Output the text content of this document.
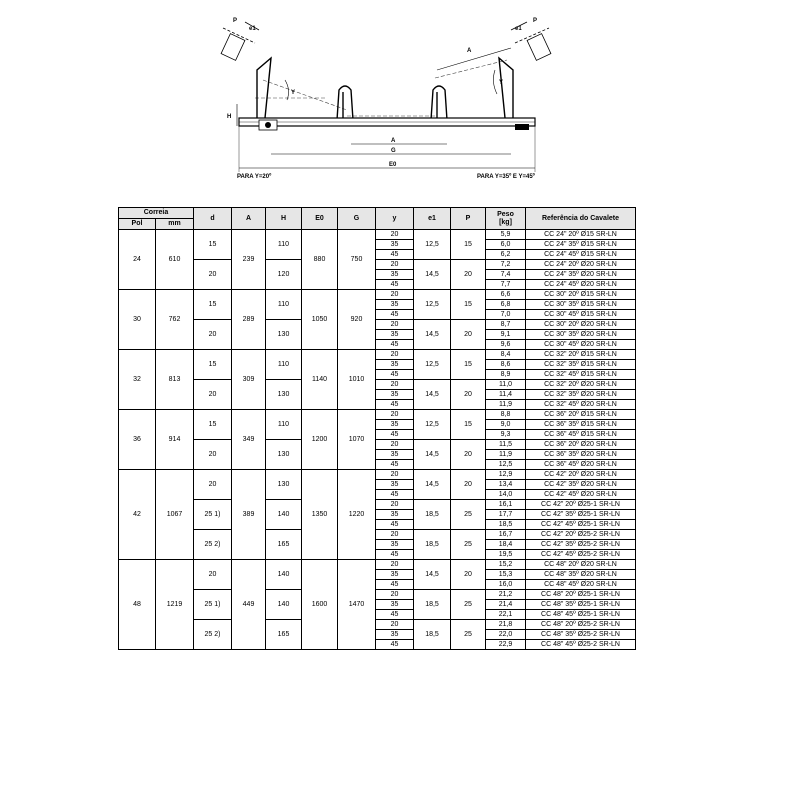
P
e1
P
e1
A
Y
Y
H
A
G
E0
PARA Y=20º	PARA Y=35º E Y=45º
Correia		d	A	H	E0	G	y	e1	P	Peso
[kg]	Referência do Cavalete
Pol	mm										
24	610	15	239	110	880	750	20	12,5	15	5,9	CC 24" 20º Ø15 SR-LN
							35			6,0	CC 24" 35º Ø15 SR-LN
							45			6,2	CC 24" 45º Ø15 SR-LN
		20		120			20	14,5	20	7,2	CC 24" 20º Ø20 SR-LN
							35			7,4	CC 24" 35º Ø20 SR-LN
							45			7,7	CC 24" 45º Ø20 SR-LN
30	762	15	289	110	1050	920	20	12,5	15	6,6	CC 30" 20º Ø15 SR-LN
							35			6,8	CC 30" 35º Ø15 SR-LN
							45			7,0	CC 30" 45º Ø15 SR-LN
		20		130			20	14,5	20	8,7	CC 30" 20º Ø20 SR-LN
							35			9,1	CC 30" 35º Ø20 SR-LN
							45			9,6	CC 30" 45º Ø20 SR-LN
32	813	15	309	110	1140	1010	20	12,5	15	8,4	CC 32" 20º Ø15 SR-LN
							35			8,6	CC 32" 35º Ø15 SR-LN
							45			8,9	CC 32" 45º Ø15 SR-LN
		20		130			20	14,5	20	11,0	CC 32" 20º Ø20 SR-LN
							35			11,4	CC 32" 35º Ø20 SR-LN
							45			11,9	CC 32" 45º Ø20 SR-LN
36	914	15	349	110	1200	1070	20	12,5	15	8,8	CC 36" 20º Ø15 SR-LN
							35			9,0	CC 36" 35º Ø15 SR-LN
							45			9,3	CC 36" 45º Ø15 SR-LN
		20		130			20	14,5	20	11,5	CC 36" 20º Ø20 SR-LN
							35			11,9	CC 36" 35º Ø20 SR-LN
							45			12,5	CC 36" 45º Ø20 SR-LN
42	1067	20	389	130	1350	1220	20	14,5	20	12,9	CC 42" 20º Ø20 SR-LN
							35			13,4	CC 42" 35º Ø20 SR-LN
							45			14,0	CC 42" 45º Ø20 SR-LN
		25 1)		140			20	18,5	25	16,1	CC 42" 20º Ø25-1 SR-LN
							35			17,7	CC 42" 35º Ø25-1 SR-LN
							45			18,5	CC 42" 45º Ø25-1 SR-LN
		25 2)		165			20	18,5	25	16,7	CC 42" 20º Ø25-2 SR-LN
							35			18,4	CC 42" 35º Ø25-2 SR-LN
							45			19,5	CC 42" 45º Ø25-2 SR-LN
48	1219	20	449	140	1600	1470	20	14,5	20	15,2	CC 48" 20º Ø20 SR-LN
							35			15,3	CC 48" 35º Ø20 SR-LN
							45			16,0	CC 48" 45º Ø20 SR-LN
		25 1)		140			20	18,5	25	21,2	CC 48" 20º Ø25-1 SR-LN
							35			21,4	CC 48" 35º Ø25-1 SR-LN
							45			22,1	CC 48" 45º Ø25-1 SR-LN
		25 2)		165			20	18,5	25	21,8	CC 48" 20º Ø25-2 SR-LN
							35			22,0	CC 48" 35º Ø25-2 SR-LN
							45			22,9	CC 48" 45º Ø25-2 SR-LN
